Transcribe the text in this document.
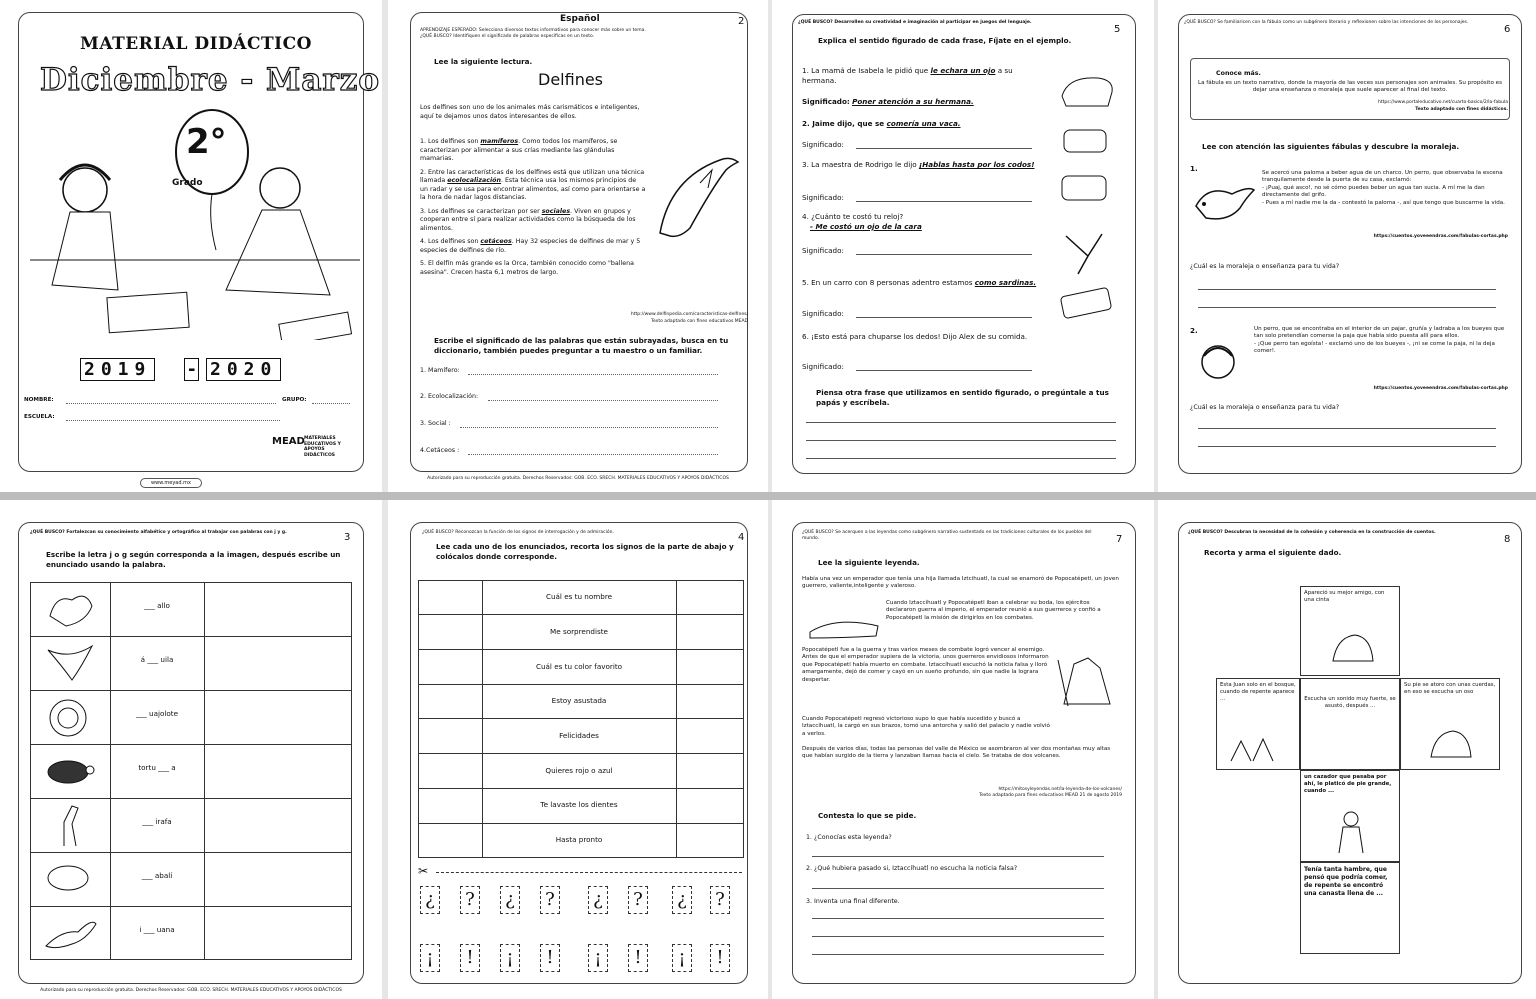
MATERIAL DIDÁCTICO
Diciembre - Marzo
2°
Grado
2019 - 2020
NOMBRE:	GRUPO:
ESCUELA:
MEAD MATERIALES EDUCATIVOS Y APOYOS DIDÁCTICOS
www.meyad.mx
Español	2
APRENDIZAJE ESPERADO: Selecciona diversos textos informativos para conocer más sobre un tema.
¿QUÉ BUSCO? Identifiquen el significado de palabras específicas en un texto.
Lee la siguiente lectura.
Delfines
Los delfines son uno de los animales más carismáticos e inteligentes, aquí te dejamos unos datos interesantes de ellos.

1. Los delfines son mamíferos. Como todos los mamíferos, se caracterizan por alimentar a sus crías mediante las glándulas mamarias.

2. Entre las características de los delfines está que utilizan una técnica llamada ecolocalización. Esta técnica usa los mismos principios de un radar y se usa para encontrar alimentos, así como para orientarse a la hora de nadar lagos distancias.

3. Los delfines se caracterizan por ser sociales. Viven en grupos y cooperan entre sí para realizar actividades como la búsqueda de los alimentos.

4. Los delfines son cetáceos. Hay 32 especies de delfines de mar y 5 especies de delfines de río.

5. El delfín más grande es la Orca, también conocido como "ballena asesina". Crecen hasta 6,1 metros de largo.

http://www.delfinpedia.com/caracteristicas-delfines/
Texto adaptado con fines educativos MEAD
Escribe el significado de las palabras que están subrayadas, busca en tu diccionario, también puedes preguntar a tu maestro o un familiar.
1. Mamífero:
2. Ecolocalización:
3. Social :
4.Cetáceos :
Autorizado para su reproducción gratuita. Derechos Reservados: GOB. ECO. SRECH. MATERIALES EDUCATIVOS Y APOYOS DIDÁCTICOS
5
¿QUÉ BUSCO? Desarrollen su creatividad e imaginación al participar en juegos del lenguaje.
Explica el sentido figurado de cada frase, Fíjate en el ejemplo.
1. La mamá de Isabela le pidió que le echara un ojo a su hermana.
Significado: Poner atención a su hermana.
2. Jaime dijo, que se comería una vaca.
Significado:
3. La maestra de Rodrigo le dijo ¡Hablas hasta por los codos!
Significado:
4. ¿Cuánto te costó tu reloj?
- Me costó un ojo de la cara
Significado:
5. En un carro con 8 personas adentro estamos como sardinas.
Significado:
6. ¡Esto está para chuparse los dedos! Dijo Alex de su comida.
Significado:
Piensa otra frase que utilizamos en sentido figurado, o pregúntale a tus papás y escríbela.
6
¿QUÉ BUSCO? Se familiaricen con la fábula como un subgénero literario y reflexionen sobre las intenciones de los personajes.
Conoce más.
La fábula es un texto narrativo, donde la mayoría de las veces sus personajes son animales. Su propósito es dejar una enseñanza o moraleja que suele aparecer al final del texto.
https://www.portaleducativo.net/cuarto-basico/2/la-fabula
Texto adaptado con fines didácticos.
Lee con atención las siguientes fábulas y descubre la moraleja.
1.	Se acercó una paloma a beber agua de un charco. Un perro, que observaba la escena tranquilamente desde la puerta de su casa, exclamó:
- ¡Puaj, qué asco!, no sé cómo puedes beber un agua tan sucia. A mí me la dan directamente del grifo.
- Pues a mí nadie me la da - contestó la paloma -, así que tengo que buscarme la vida.
https://cuentos.yoveeendras.com/fabulas-cortas.php
¿Cuál es la moraleja o enseñanza para tu vida?
2.	Un perro, que se encontraba en el interior de un pajar, gruñía y ladraba a los bueyes que tan solo pretendían comerse la paja que había sido puesta allí para ellos.
- ¡Que perro tan egoísta! - exclamó uno de los bueyes -, ¡ni se come la paja, ni la deja comer!.
https://cuentos.yoveeendras.com/fabulas-cortas.php
¿Cuál es la moraleja o enseñanza para tu vida?
3
¿QUÉ BUSCO? Fortalezcan su conocimiento alfabético y ortográfico al trabajar con palabras con j y g.
Escribe la letra j o g según corresponda a la imagen, después escribe un enunciado usando la palabra.
___ allo
á ___ uila
___ uajolote
tortu ___ a
___ irafa
___ abalí
i ___ uana
Autorizado para su reproducción gratuita. Derechos Reservados: GOB. ECO. SRECH. MATERIALES EDUCATIVOS Y APOYOS DIDÁCTICOS
4
¿QUÉ BUSCO? Reconozcan la función de los signos de interrogación y de admiración.
Lee cada uno de los enunciados, recorta los signos de la parte de abajo y colócalos donde corresponde.
Cuál es tu nombre
Me sorprendiste
Cuál es tu color favorito
Estoy asustada
Felicidades
Quieres rojo o azul
Te lavaste los dientes
Hasta pronto
✂
¿ ? ¿ ? ¿ ? ¿ ?
¡	!	¡	!	¡	!	¡	!
7
¿QUÉ BUSCO? Se acerquen a las leyendas como subgénero narrativo sustentado en las tradiciones culturales de los pueblos del mundo.
Lee la siguiente leyenda.
Había una vez un emperador que tenía una hija llamada Iztcihuatl, la cual se enamoró de Popocatépetl, un joven guerrero, valiente,inteligente y valeroso.
Cuando Iztaccíhuatl y Popocatépetl iban a celebrar su boda, los ejércitos declararon guerra al imperio, el emperador reunió a sus guerreros y confió a Popocatépetl la misión de dirigirlos en los combates.
Popocatépetl fue a la guerra y tras varios meses de combate logró vencer al enemigo. Antes de que el emperador supiera de la victoria, unos guerreros envidiosos informaron que Popocatépetl había muerto en combate. Iztaccíhuatl escuchó la noticia falsa y lloró amargamente, dejó de comer y cayó en un sueño profundo, sin que nadie la lograra despertar.
Cuando Popocatépetl regresó victorioso supo lo que había sucedido y buscó a Iztaccíhuatl, la cargó en sus brazos, tomó una antorcha y salió del palacio y nadie volvió a verlos.
Después de varios días, todas las personas del valle de México se asombraron al ver dos montañas muy altas que habían surgido de la tierra y lanzaban llamas hacia el cielo. Se trataba de dos volcanes.
https://mitosyleyendas.net/la-leyenda-de-los-volcanes/
Texto adaptado para fines educativos MEAD 21 de agosto 2019
Contesta lo que se pide.
1. ¿Conocías esta leyenda?
2. ¿Qué hubiera pasado si, Iztaccíhuatl no escucha la noticia falsa?
3. Inventa una final diferente.
8
¿QUÉ BUSCO? Descubran la necesidad de la cohesión y coherencia en la construcción de cuentos.
Recorta y arma el siguiente dado.
Apareció su mejor amigo, con una cinta
Esta Juan solo en el bosque, cuando de repente aparece ...	Escucha un sonido muy fuerte, se asustó, después ...
Su pie se atoro con unas cuerdas, en eso se escucha un oso
un cazador que pasaba por ahí, le platicó de pie grande, cuando ...
Tenía tanta hambre, que pensó que podría comer, de repente se encontró una canasta llena de ...
